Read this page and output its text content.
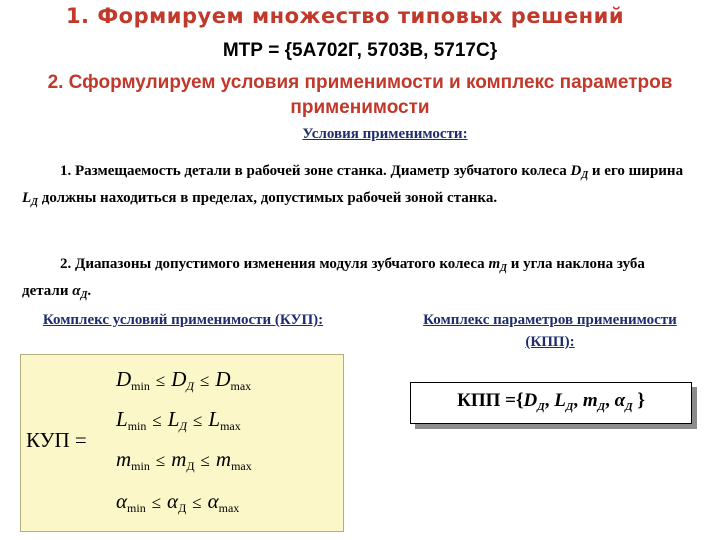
1. Формируем множество типовых решений
МТР = {5А702Г, 5703В, 5717С}
2. Сформулируем условия применимости и комплекс параметров применимости
Условия применимости:
1. Размещаемость детали в рабочей зоне станка. Диаметр зубчатого колеса $D_Д$ и его ширина $L_Д$ должны находиться в пределах, допустимых рабочей зоной станка.
2. Диапазоны допустимого изменения модуля зубчатого колеса $m_Д$ и угла наклона зуба детали $\alpha_Д$.
Комплекс условий применимости (КУП):	Комплекс параметров применимости (КПП):
КУП =
Dmin ≤ DД ≤ Dmax
Lmin ≤ LД ≤ Lmax
mmin ≤ mД ≤ mmax
αmin ≤ αД ≤ αmax
КПП $=\{D_Д$, $L_Д$, $m_Д$, $\alpha_Д$ }
